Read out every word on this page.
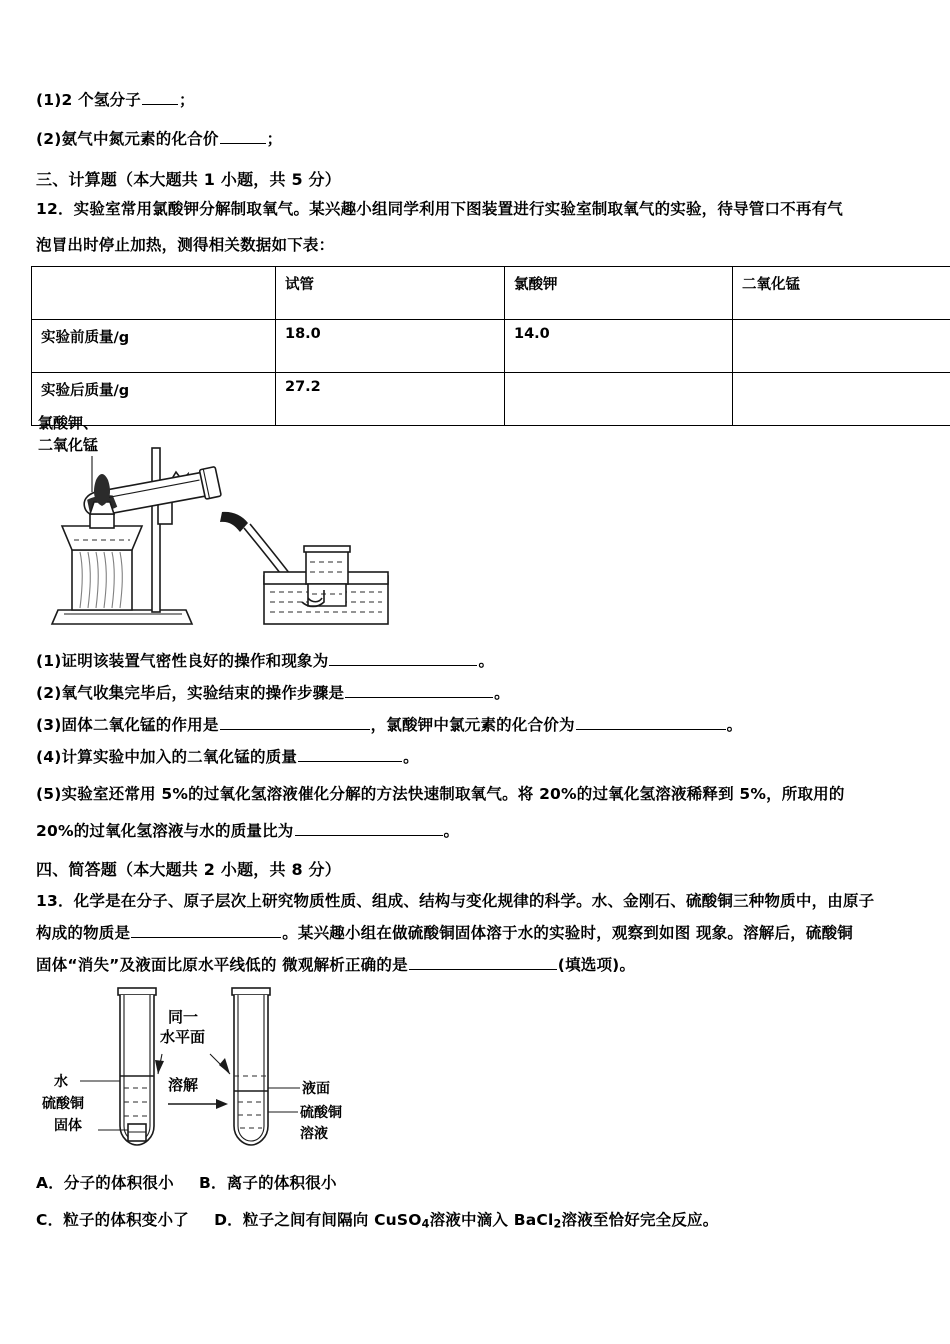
(1)2 个氢分子 ；
(2)氨气中氮元素的化合价	；
三、计算题（本大题共 1 小题，共 5 分）
12．实验室常用氯酸钾分解制取氧气。某兴趣小组同学利用下图装置进行实验室制取氧气的实验，待导管口不再有气
泡冒出时停止加热，测得相关数据如下表：
	试管	氯酸钾	二氧化锰
实验前质量/g	18.0	14.0	
实验后质量/g	27.2		
氯酸钾、
二氧化锰
(1)证明该装置气密性良好的操作和现象为	。
(2)氧气收集完毕后，实验结束的操作步骤是	。
(3)固体二氧化锰的作用是	，氯酸钾中氯元素的化合价为	。
(4)计算实验中加入的二氧化锰的质量	。
(5)实验室还常用 5%的过氧化氢溶液催化分解的方法快速制取氧气。将 20%的过氧化氢溶液稀释到 5%，所取用的
20%的过氧化氢溶液与水的质量比为	。
四、简答题（本大题共 2 小题，共 8 分）
13．化学是在分子、原子层次上研究物质性质、组成、结构与变化规律的科学。水、金刚石、硫酸铜三种物质中，由原子
构成的物质是	。某兴趣小组在做硫酸铜固体溶于水的实验时，观察到如图 现象。溶解后，硫酸铜
固体“消失”及液面比原水平线低的 微观解析正确的是	(填选项)。
同一
水平面
溶解
水
硫酸铜
固体
液面
硫酸铜
溶液
A．分子的体积很小 B．离子的体积很小
C．粒子的体积变小了 D．粒子之间有间隔向 CuSO$_4$溶液中滴入 BaCl$_2$溶液至恰好完全反应。
